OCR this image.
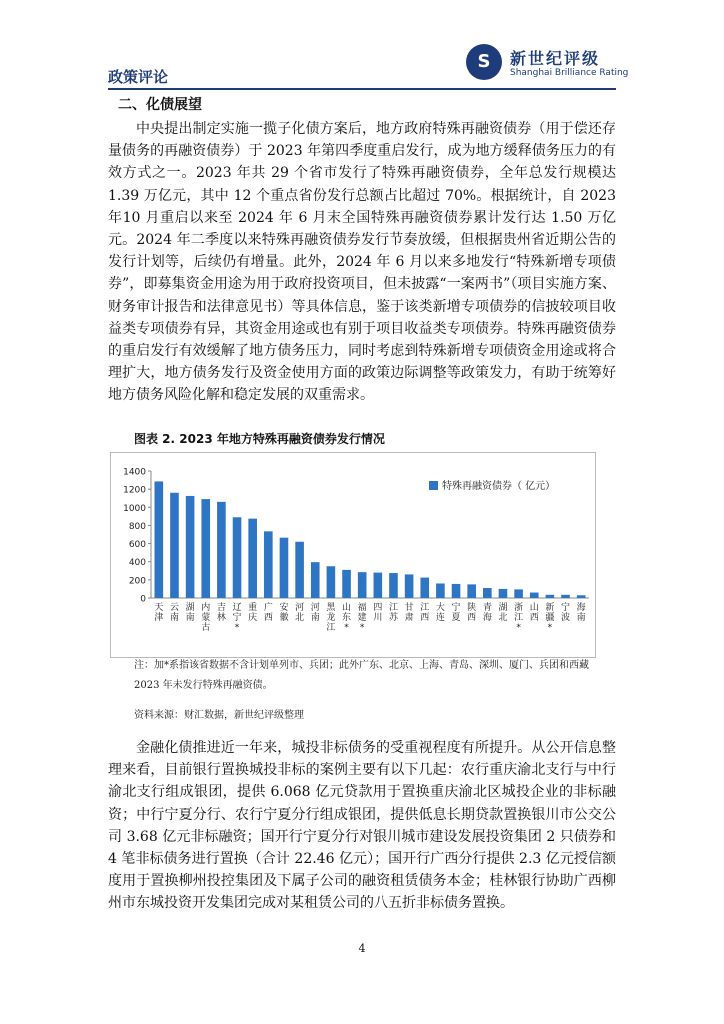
S	新世纪评级
Shanghai Brilliance Rating
政策评论
二、化债展望
中央提出制定实施一揽子化债方案后，地方政府特殊再融资债券（用于偿还存量债务的再融资债券）于 2023 年第四季度重启发行，成为地方缓释债务压力的有效方式之一。2023 年共 29 个省市发行了特殊再融资债券，全年总发行规模达 1.39 万亿元，其中 12 个重点省份发行总额占比超过 70%。根据统计，自 2023 年10 月重启以来至 2024 年 6 月末全国特殊再融资债券累计发行达 1.50 万亿元。2024 年二季度以来特殊再融资债券发行节奏放缓，但根据贵州省近期公告的发行计划等，后续仍有增量。此外，2024 年 6 月以来多地发行“特殊新增专项债券”，即募集资金用途为用于政府投资项目，但未披露“一案两书”（项目实施方案、财务审计报告和法律意见书）等具体信息，鉴于该类新增专项债券的信披较项目收益类专项债券有异，其资金用途或也有别于项目收益类专项债券。特殊再融资债券的重启发行有效缓解了地方债务压力，同时考虑到特殊新增专项债资金用途或将合理扩大，地方债务发行及资金使用方面的政策边际调整等政策发力，有助于统筹好地方债务风险化解和稳定发展的双重需求。
图表 2. 2023 年地方特殊再融资债券发行情况
0
200
400
600
800
1000
1200
1400
天津
云南
湖南
内蒙古
吉林
辽宁*
重庆
广西
安徽
河北
河南
黑龙江
山东*
福建*
四川
江苏
甘肃
江西
大连
宁夏
陕西
青海
湖北
浙江*
山西
新疆*
宁波
海南
特殊再融资债券（ 亿元）
注：加*系指该省数据不含计划单列市、兵团；此外广东、北京、上海、青岛、深圳、厦门、兵团和西藏 2023 年未发行特殊再融资债。
资料来源：财汇数据，新世纪评级整理
金融化债推进近一年来，城投非标债务的受重视程度有所提升。从公开信息整理来看，目前银行置换城投非标的案例主要有以下几起：农行重庆渝北支行与中行渝北支行组成银团，提供 6.068 亿元贷款用于置换重庆渝北区城投企业的非标融资；中行宁夏分行、农行宁夏分行组成银团，提供低息长期贷款置换银川市公交公司 3.68 亿元非标融资；国开行宁夏分行对银川城市建设发展投资集团 2 只债券和 4 笔非标债务进行置换（合计 22.46 亿元）；国开行广西分行提供 2.3 亿元授信额度用于置换柳州投控集团及下属子公司的融资租赁债务本金；桂林银行协助广西柳州市东城投资开发集团完成对某租赁公司的八五折非标债务置换。
4
